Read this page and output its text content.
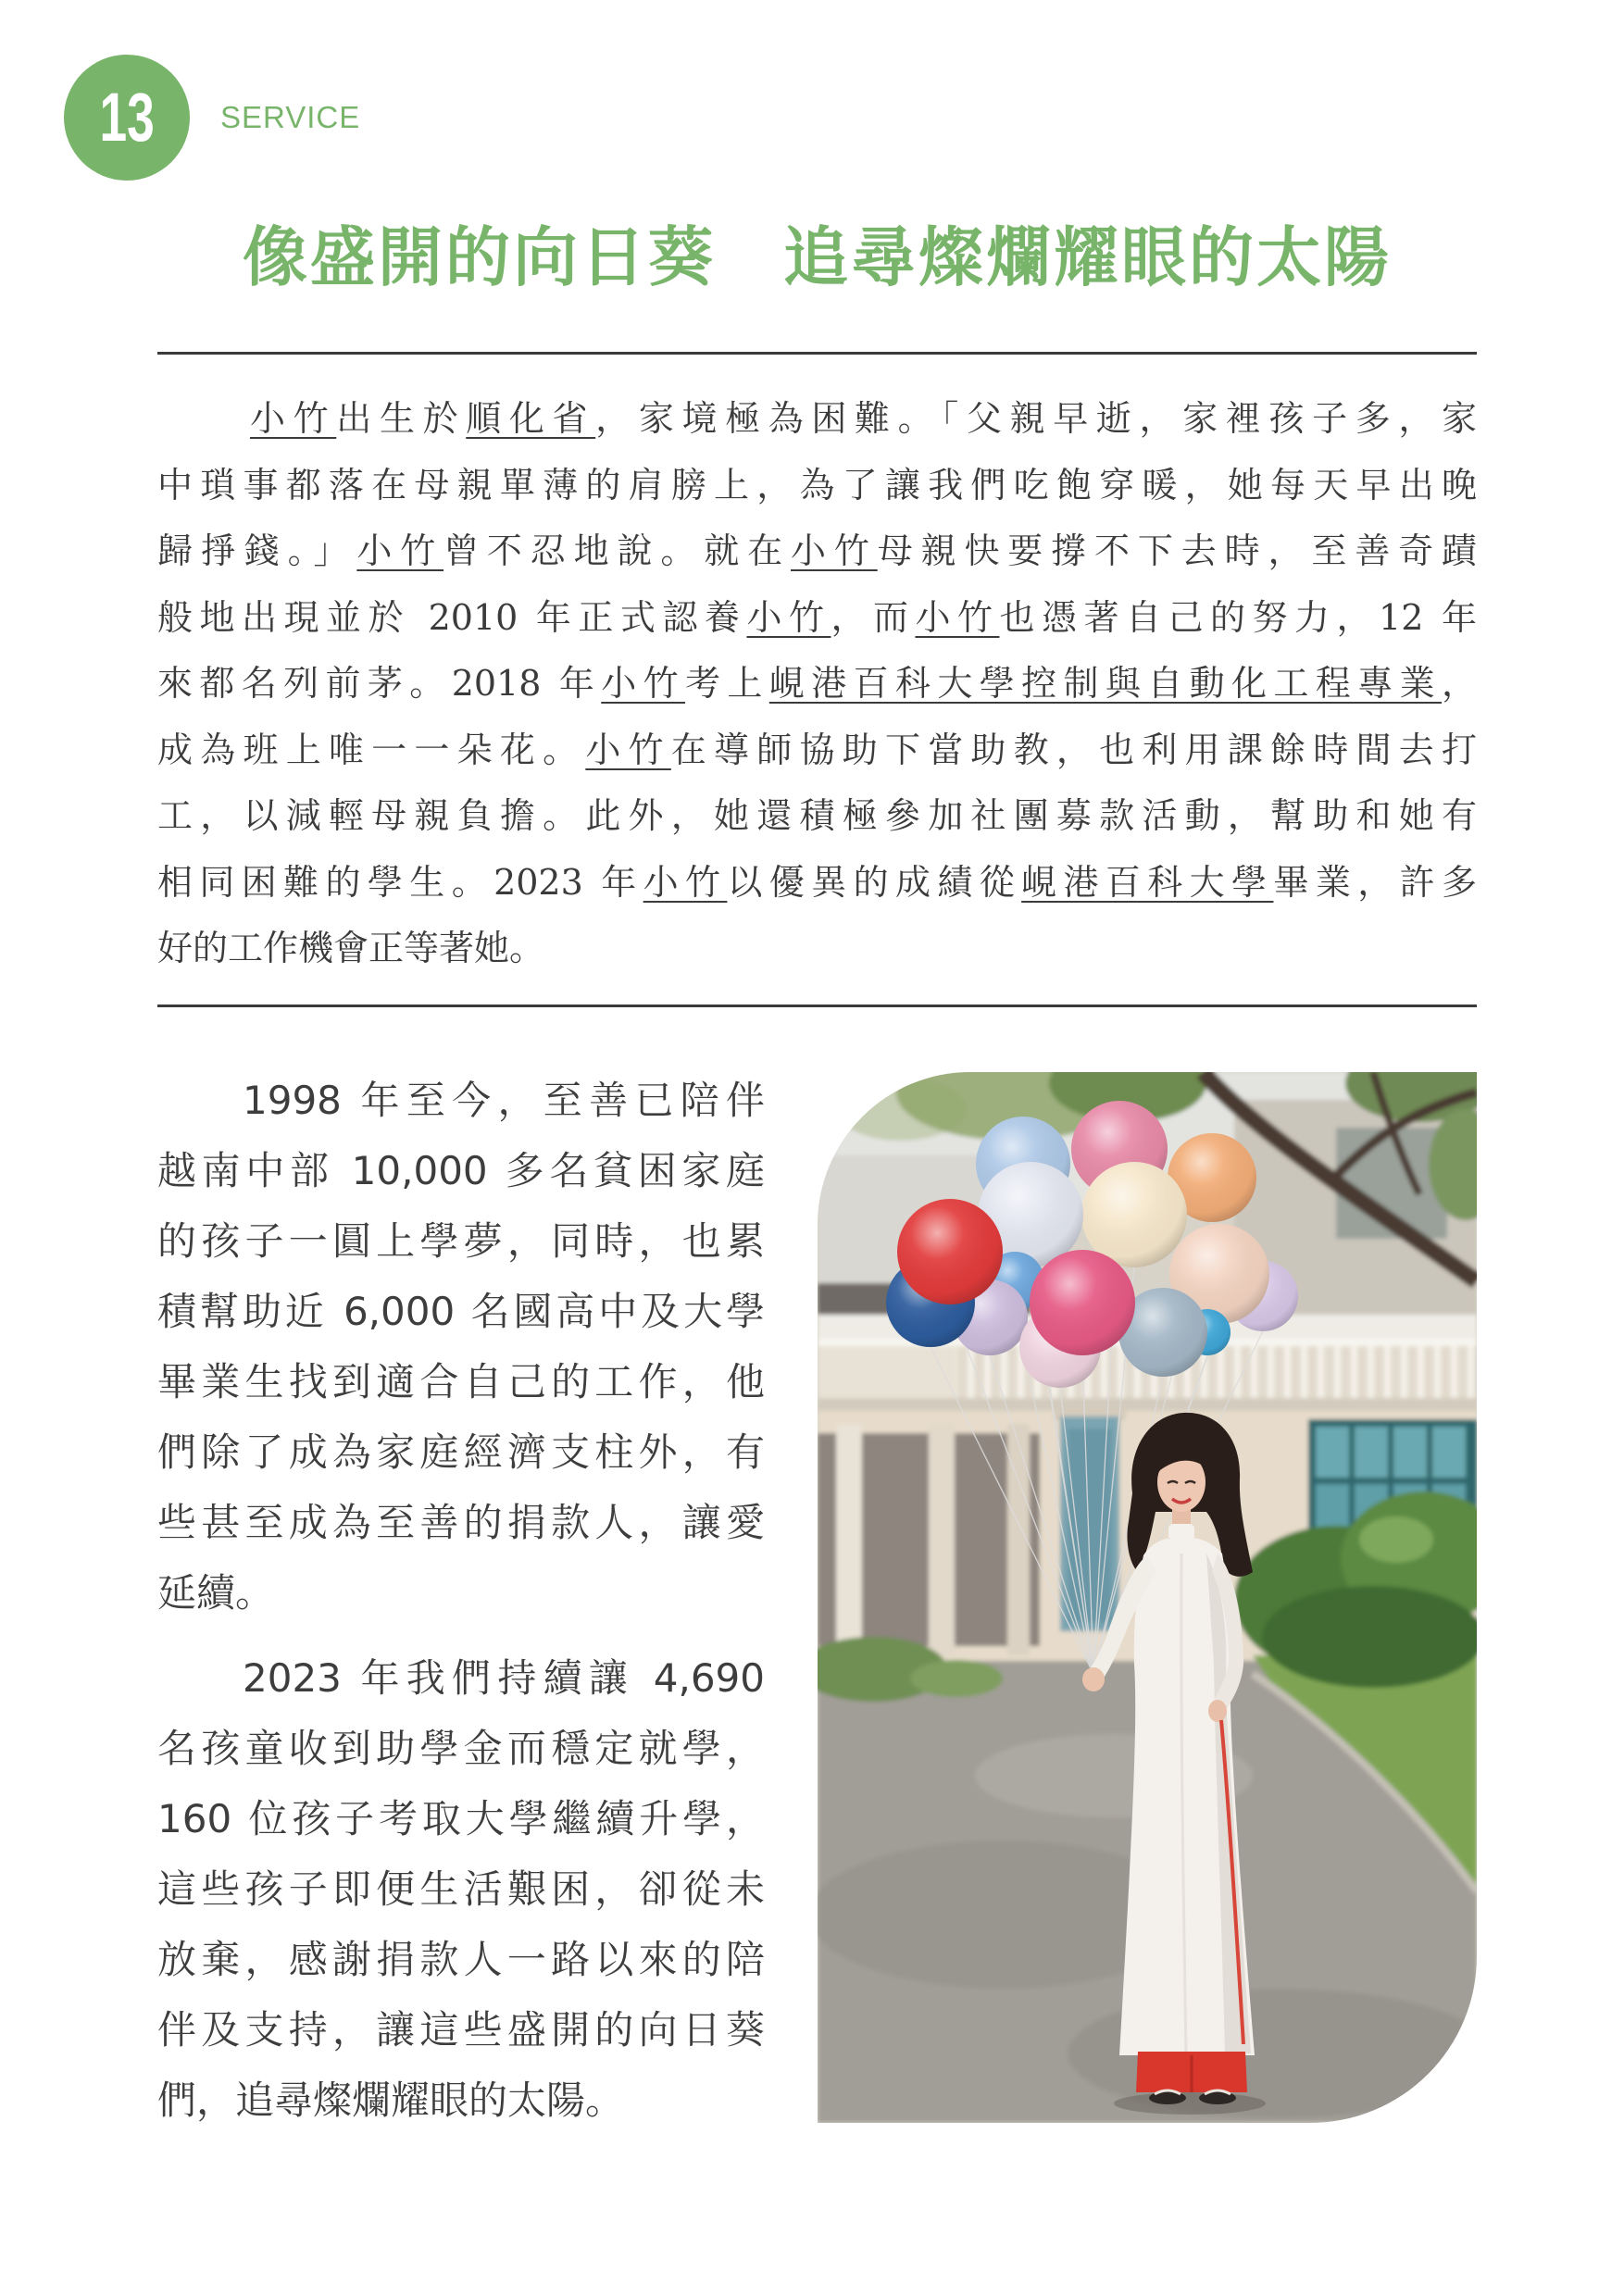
13 SERVICE
像盛開的向日葵　追尋燦爛耀眼的太陽
小竹出生於順化省，家境極為困難。「父親早逝，家裡孩子多，家
中瑣事都落在母親單薄的肩膀上，為了讓我們吃飽穿暖，她每天早出晚
歸掙錢。」小竹曾不忍地說。就在小竹母親快要撐不下去時，至善奇蹟
般地出現並於 2010 年正式認養小竹，而小竹也憑著自己的努力，12 年
來都名列前茅。2018 年小竹考上峴港百科大學控制與自動化工程專業，
成為班上唯一一朵花。小竹在導師協助下當助教，也利用課餘時間去打
工，以減輕母親負擔。此外，她還積極參加社團募款活動，幫助和她有
相同困難的學生。2023 年小竹以優異的成績從峴港百科大學畢業，許多
好的工作機會正等著她。
1998 年至今，至善已陪伴
越南中部 10,000 多名貧困家庭
的孩子一圓上學夢，同時，也累
積幫助近 6,000 名國高中及大學
畢業生找到適合自己的工作，他
們除了成為家庭經濟支柱外，有
些甚至成為至善的捐款人，讓愛
延續。
2023 年我們持續讓 4,690
名孩童收到助學金而穩定就學，
160 位孩子考取大學繼續升學，
這些孩子即便生活艱困，卻從未
放棄，感謝捐款人一路以來的陪
伴及支持，讓這些盛開的向日葵
們，追尋燦爛耀眼的太陽。
